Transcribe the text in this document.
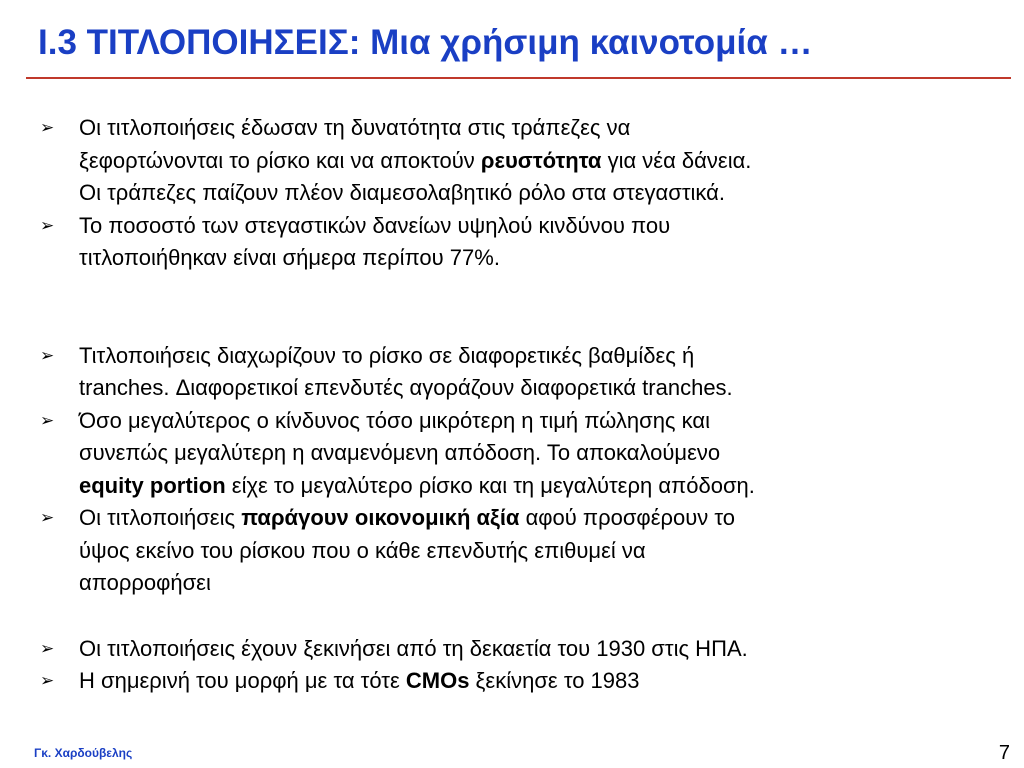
I.3 ΤΙΤΛΟΠΟΙΗΣΕΙΣ: Μια χρήσιμη καινοτομία …
➢ Οι τιτλοποιήσεις έδωσαν τη δυνατότητα στις τράπεζες να
ξεφορτώνονται το ρίσκο και να αποκτούν ρευστότητα για νέα δάνεια.
Οι τράπεζες παίζουν πλέον διαμεσολαβητικό ρόλο στα στεγαστικά.
➢ Το ποσοστό των στεγαστικών δανείων υψηλού κινδύνου που
τιτλοποιήθηκαν είναι σήμερα περίπου 77%.
➢ Τιτλοποιήσεις διαχωρίζουν το ρίσκο σε διαφορετικές βαθμίδες ή
tranches. Διαφορετικοί επενδυτές αγοράζουν διαφορετικά tranches.
➢ Όσο μεγαλύτερος ο κίνδυνος τόσο μικρότερη η τιμή πώλησης και
συνεπώς μεγαλύτερη η αναμενόμενη απόδοση. Το αποκαλούμενο
equity portion είχε το μεγαλύτερο ρίσκο και τη μεγαλύτερη απόδοση.
➢ Οι τιτλοποιήσεις παράγουν οικονομική αξία αφού προσφέρουν το
ύψος εκείνο του ρίσκου που ο κάθε επενδυτής επιθυμεί να
απορροφήσει
➢ Οι τιτλοποιήσεις έχουν ξεκινήσει από τη δεκαετία του 1930 στις ΗΠΑ.
➢ Η σημερινή του μορφή με τα τότε CMOs ξεκίνησε το 1983
Γκ. Χαρδούβελης	7
